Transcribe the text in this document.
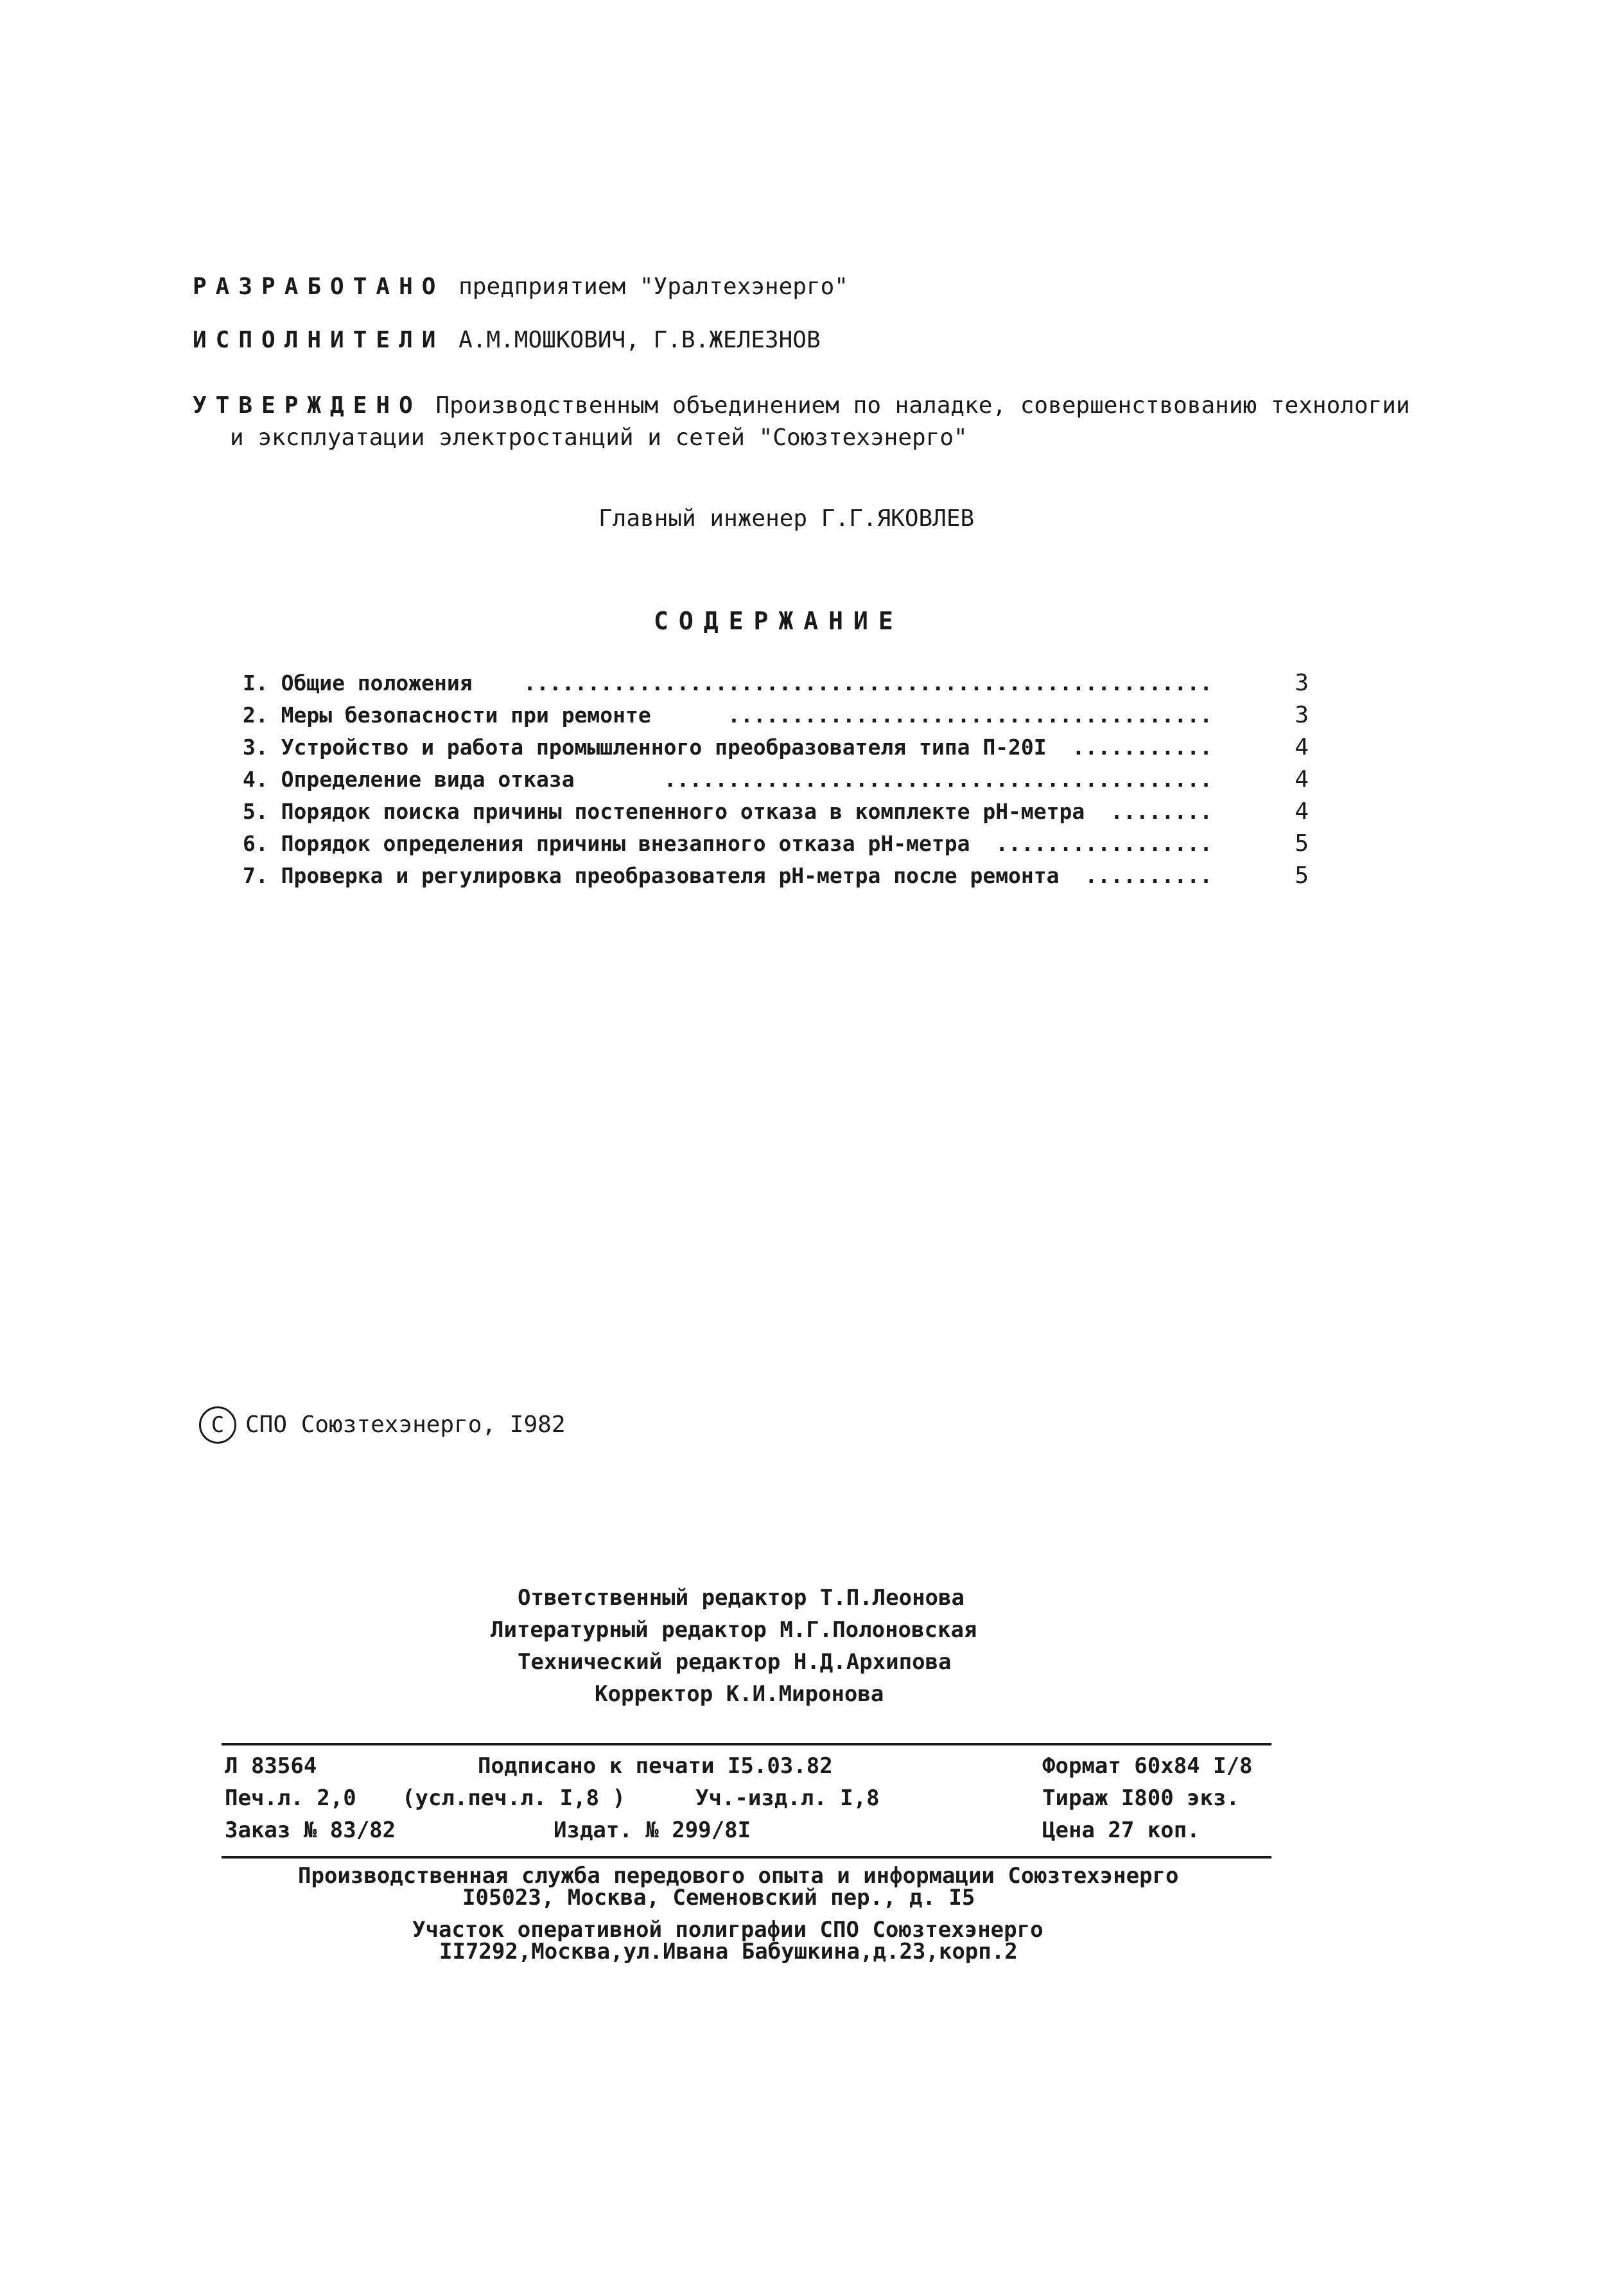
РАЗРАБОТАНО предприятием "Уралтехэнерго"
ИСПОЛНИТЕЛИ А.М.МОШКОВИЧ, Г.В.ЖЕЛЕЗНОВ
УТВЕРЖДЕНО Производственным объединением по наладке, совершенствованию технологии
и эксплуатации электростанций и сетей "Союзтехэнерго"
Главный инженер Г.Г.ЯКОВЛЕВ
СОДЕРЖАНИЕ
I. Общие положения ......................................................	3
2. Меры безопасности при ремонте	......................................	3
3. Устройство и работа промышленного преобразователя типа П-20I ...........	4
4. Определение вида отказа	...........................................	4
5. Порядок поиска причины постепенного отказа в комплекте pH-метра ........	4
6. Порядок определения причины внезапного отказа pH-метра .................	5
7. Проверка и регулировка преобразователя pH-метра после ремонта ..........	5
С СПО Союзтехэнерго, I982
Ответственный редактор Т.П.Леонова
Литературный редактор М.Г.Полоновская
Технический редактор Н.Д.Архипова
Корректор К.И.Миронова
Л 83564	Подписано к печати I5.03.82	Формат 60х84 I/8
Печ.л. 2,0 (усл.печ.л. I,8 )	Уч.-изд.л. I,8	Тираж I800 экз.
Заказ № 83/82	Издат. № 299/8I	Цена 27 коп.
Производственная служба передового опыта и информации Союзтехэнерго
I05023, Москва, Семеновский пер., д. I5
Участок оперативной полиграфии СПО Союзтехэнерго
II7292,Москва,ул.Ивана Бабушкина,д.23,корп.2
